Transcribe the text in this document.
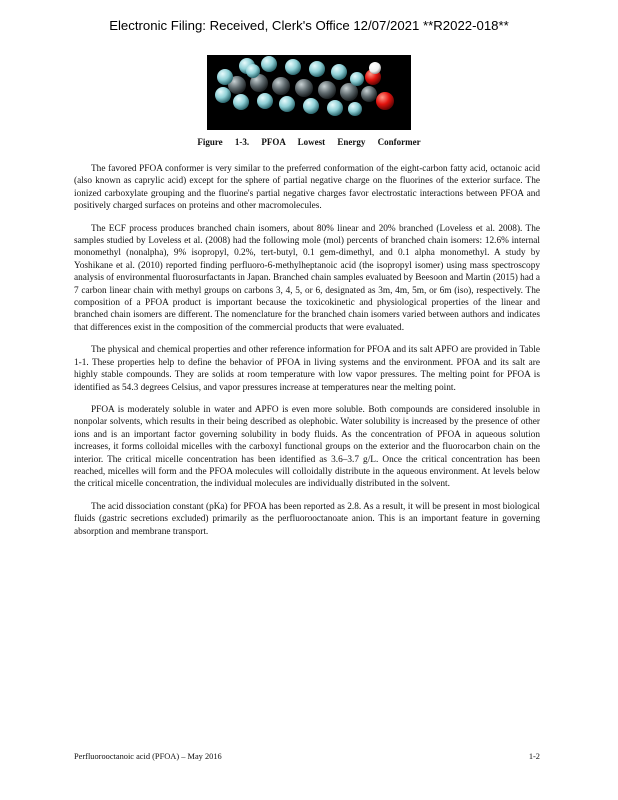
Electronic Filing: Received, Clerk's Office 12/07/2021 **R2022-018**
Figure 1-3. PFOA Lowest Energy Conformer

The favored PFOA conformer is very similar to the preferred conformation of the eight-carbon fatty acid, octanoic acid (also known as caprylic acid) except for the sphere of partial negative charge on the fluorines of the exterior surface. The ionized carboxylate grouping and the fluorine's partial negative charges favor electrostatic interactions between PFOA and positively charged surfaces on proteins and other macromolecules.

The ECF process produces branched chain isomers, about 80% linear and 20% branched (Loveless et al. 2008). The samples studied by Loveless et al. (2008) had the following mole (mol) percents of branched chain isomers: 12.6% internal monomethyl (nonalpha), 9% isopropyl, 0.2%, tert-butyl, 0.1 gem-dimethyl, and 0.1 alpha monomethyl. A study by Yoshikane et al. (2010) reported finding perfluoro-6-methylheptanoic acid (the isopropyl isomer) using mass spectroscopy analysis of environmental fluorosurfactants in Japan. Branched chain samples evaluated by Beesoon and Martin (2015) had a 7 carbon linear chain with methyl groups on carbons 3, 4, 5, or 6, designated as 3m, 4m, 5m, or 6m (iso), respectively. The composition of a PFOA product is important because the toxicokinetic and physiological properties of the linear and branched chain isomers are different. The nomenclature for the branched chain isomers varied between authors and indicates that differences exist in the composition of the commercial products that were evaluated.

The physical and chemical properties and other reference information for PFOA and its salt APFO are provided in Table 1-1. These properties help to define the behavior of PFOA in living systems and the environment. PFOA and its salt are highly stable compounds. They are solids at room temperature with low vapor pressures. The melting point for PFOA is identified as 54.3 degrees Celsius, and vapor pressures increase at temperatures near the melting point.

PFOA is moderately soluble in water and APFO is even more soluble. Both compounds are considered insoluble in nonpolar solvents, which results in their being described as olephobic. Water solubility is increased by the presence of other ions and is an important factor governing solubility in body fluids. As the concentration of PFOA in aqueous solution increases, it forms colloidal micelles with the carboxyl functional groups on the exterior and the fluorocarbon chain on the interior. The critical micelle concentration has been identified as 3.6–3.7 g/L. Once the critical concentration has been reached, micelles will form and the PFOA molecules will colloidally distribute in the aqueous environment. At levels below the critical micelle concentration, the individual molecules are individually distributed in the solvent.

The acid dissociation constant (pKa) for PFOA has been reported as 2.8. As a result, it will be present in most biological fluids (gastric secretions excluded) primarily as the perfluorooctanoate anion. This is an important feature in governing absorption and membrane transport.

Perfluorooctanoic acid (PFOA) – May 2016	1-2
